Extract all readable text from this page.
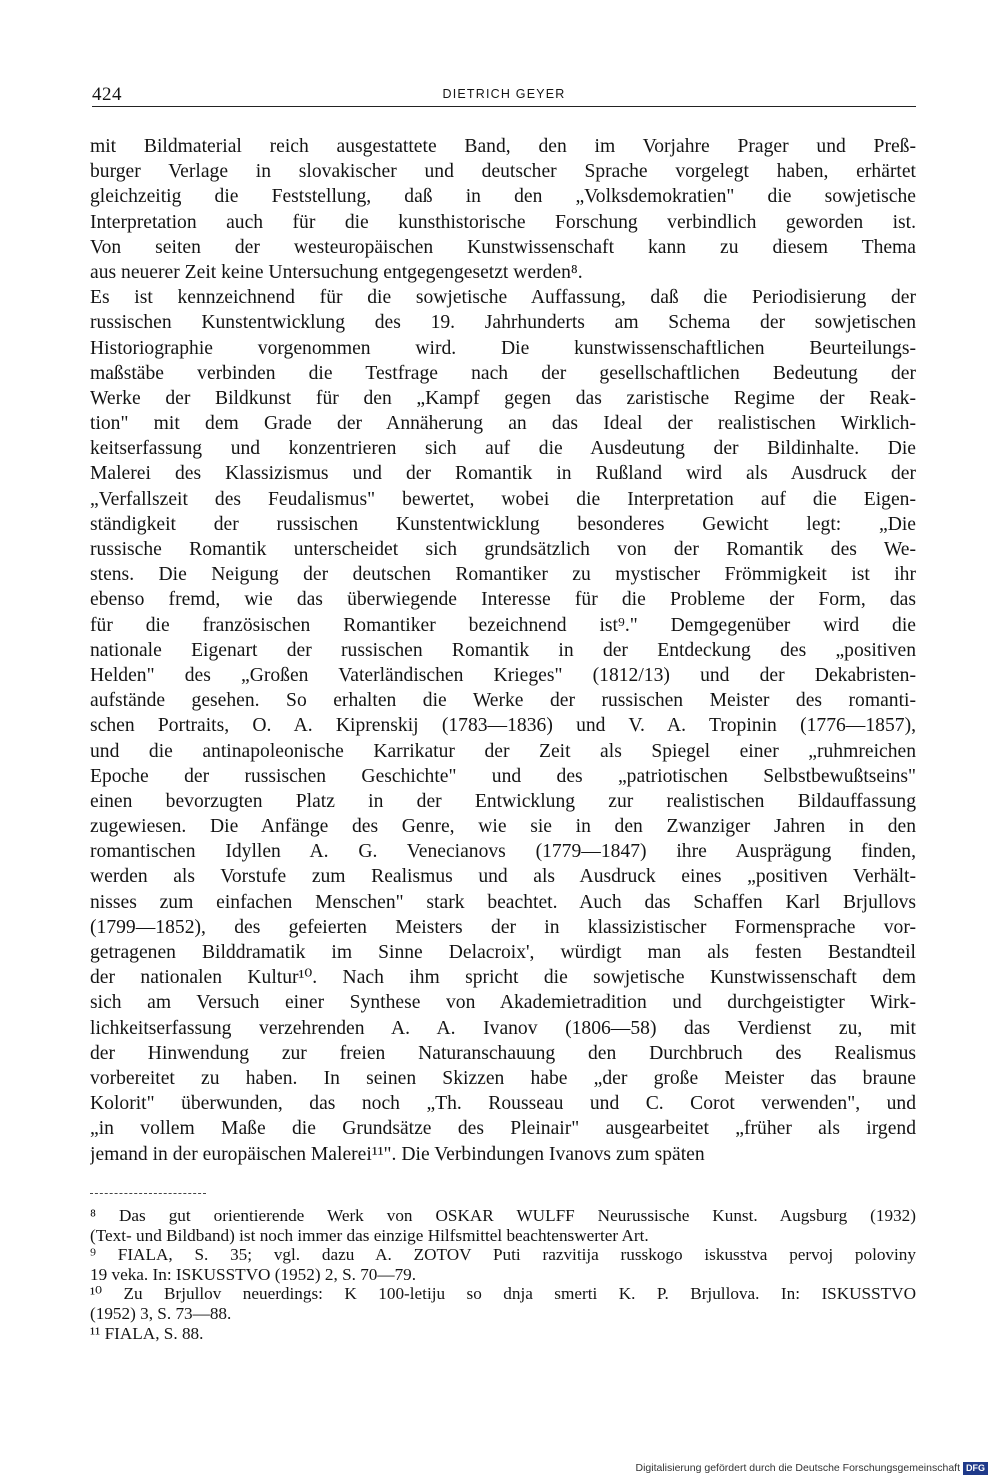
424	DIETRICH GEYER
mit Bildmaterial reich ausgestattete Band, den im Vorjahre Prager und Preß-
burger Verlage in slovakischer und deutscher Sprache vorgelegt haben, erhärtet
gleichzeitig die Feststellung, daß in den „Volksdemokratien" die sowjetische
Interpretation auch für die kunsthistorische Forschung verbindlich geworden ist.
Von seiten der westeuropäischen Kunstwissenschaft kann zu diesem Thema
aus neuerer Zeit keine Untersuchung entgegengesetzt werden⁸.
Es ist kennzeichnend für die sowjetische Auffassung, daß die Periodisierung der
russischen Kunstentwicklung des 19. Jahrhunderts am Schema der sowjetischen
Historiographie vorgenommen wird. Die kunstwissenschaftlichen Beurteilungs-
maßstäbe verbinden die Testfrage nach der gesellschaftlichen Bedeutung der
Werke der Bildkunst für den „Kampf gegen das zaristische Regime der Reak-
tion" mit dem Grade der Annäherung an das Ideal der realistischen Wirklich-
keitserfassung und konzentrieren sich auf die Ausdeutung der Bildinhalte. Die
Malerei des Klassizismus und der Romantik in Rußland wird als Ausdruck der
„Verfallszeit des Feudalismus" bewertet, wobei die Interpretation auf die Eigen-
ständigkeit der russischen Kunstentwicklung besonderes Gewicht legt: „Die
russische Romantik unterscheidet sich grundsätzlich von der Romantik des We-
stens. Die Neigung der deutschen Romantiker zu mystischer Frömmigkeit ist ihr
ebenso fremd, wie das überwiegende Interesse für die Probleme der Form, das
für die französischen Romantiker bezeichnend ist⁹." Demgegenüber wird die
nationale Eigenart der russischen Romantik in der Entdeckung des „positiven
Helden" des „Großen Vaterländischen Krieges" (1812/13) und der Dekabristen-
aufstände gesehen. So erhalten die Werke der russischen Meister des romanti-
schen Portraits, O. A. Kiprenskij (1783—1836) und V. A. Tropinin (1776—1857),
und die antinapoleonische Karrikatur der Zeit als Spiegel einer „ruhmreichen
Epoche der russischen Geschichte" und des „patriotischen Selbstbewußtseins"
einen bevorzugten Platz in der Entwicklung zur realistischen Bildauffassung
zugewiesen. Die Anfänge des Genre, wie sie in den Zwanziger Jahren in den
romantischen Idyllen A. G. Venecianovs (1779—1847) ihre Ausprägung finden,
werden als Vorstufe zum Realismus und als Ausdruck eines „positiven Verhält-
nisses zum einfachen Menschen" stark beachtet. Auch das Schaffen Karl Brjullovs
(1799—1852), des gefeierten Meisters der in klassizistischer Formensprache vor-
getragenen Bilddramatik im Sinne Delacroix', würdigt man als festen Bestandteil
der nationalen Kultur¹⁰. Nach ihm spricht die sowjetische Kunstwissenschaft dem
sich am Versuch einer Synthese von Akademietradition und durchgeistigter Wirk-
lichkeitserfassung verzehrenden A. A. Ivanov (1806—58) das Verdienst zu, mit
der Hinwendung zur freien Naturanschauung den Durchbruch des Realismus
vorbereitet zu haben. In seinen Skizzen habe „der große Meister das braune
Kolorit" überwunden, das noch „Th. Rousseau und C. Corot verwenden", und
„in vollem Maße die Grundsätze des Pleinair" ausgearbeitet „früher als irgend
jemand in der europäischen Malerei¹¹". Die Verbindungen Ivanovs zum späten
⁸ Das gut orientierende Werk von OSKAR WULFF Neurussische Kunst. Augsburg (1932)
(Text- und Bildband) ist noch immer das einzige Hilfsmittel beachtenswerter Art.
⁹ FIALA, S. 35; vgl. dazu A. ZOTOV Puti razvitija russkogo iskusstva pervoj poloviny
19 veka. In: ISKUSSTVO (1952) 2, S. 70—79.
¹⁰ Zu Brjullov neuerdings: K 100-letiju so dnja smerti K. P. Brjullova. In: ISKUSSTVO
(1952) 3, S. 73—88.
¹¹ FIALA, S. 88.
Digitalisierung gefördert durch die Deutsche Forschungsgemeinschaft DFG
